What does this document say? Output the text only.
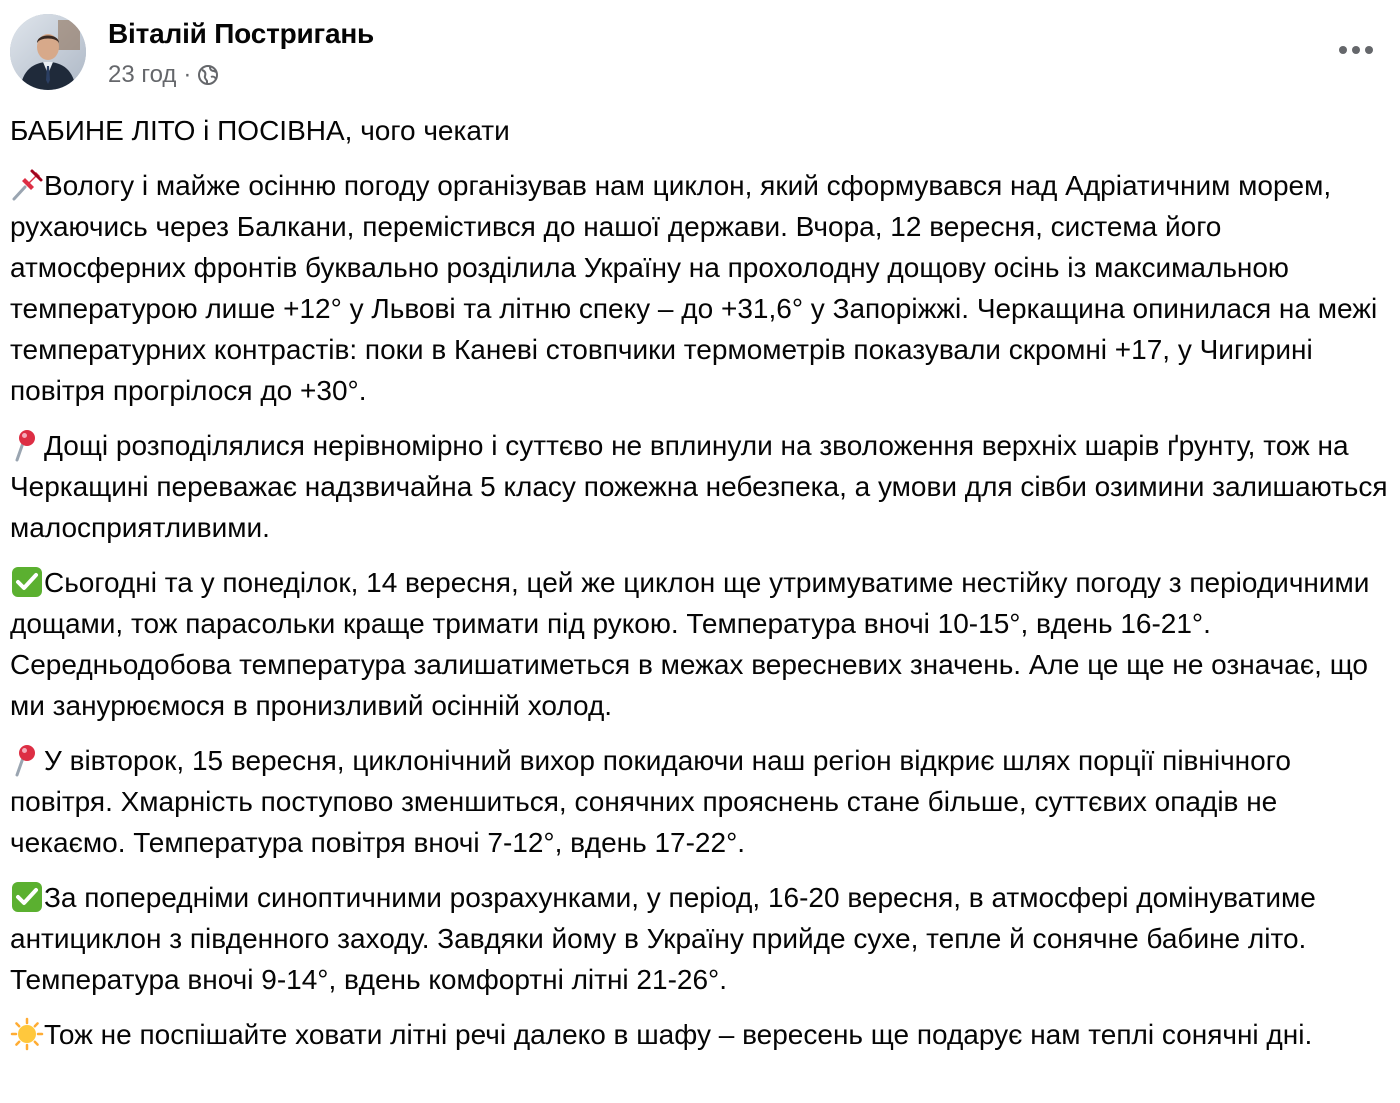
Віталій Постригань
23 год ·
БАБИНЕ ЛІТО і ПОСІВНА, чого чекати
Вологу і майже осінню погоду організував нам циклон, який сформувався над Адріатичним морем, рухаючись через Балкани, перемістився до нашої держави. Вчора, 12 вересня, система його атмосферних фронтів буквально розділила Україну на прохолодну дощову осінь із максимальною температурою лише +12° у Львові та літню спеку – до +31,6° у Запоріжжі. Черкащина опинилася на межі температурних контрастів: поки в Каневі стовпчики термометрів показували скромні +17, у Чигирині повітря прогрілося до +30°.
Дощі розподілялися нерівномірно і суттєво не вплинули на зволоження верхніх шарів ґрунту, тож на Черкащині переважає надзвичайна 5 класу пожежна небезпека, а умови для сівби озимини залишаються малосприятливими.
Сьогодні та у понеділок, 14 вересня, цей же циклон ще утримуватиме нестійку погоду з періодичними дощами, тож парасольки краще тримати під рукою. Температура вночі 10-15°, вдень 16-21°. Середньодобова температура залишатиметься в межах вересневих значень. Але це ще не означає, що ми занурюємося в пронизливий осінній холод.
У вівторок, 15 вересня, циклонічний вихор покидаючи наш регіон відкриє шлях порції північного повітря. Хмарність поступово зменшиться, сонячних прояснень стане більше, суттєвих опадів не чекаємо. Температура повітря вночі 7-12°, вдень 17-22°.
За попередніми синоптичними розрахунками, у період, 16-20 вересня, в атмосфері домінуватиме антициклон з південного заходу. Завдяки йому в Україну прийде сухе, тепле й сонячне бабине літо. Температура вночі 9-14°, вдень комфортні літні 21-26°.
Тож не поспішайте ховати літні речі далеко в шафу – вересень ще подарує нам теплі сонячні дні.
